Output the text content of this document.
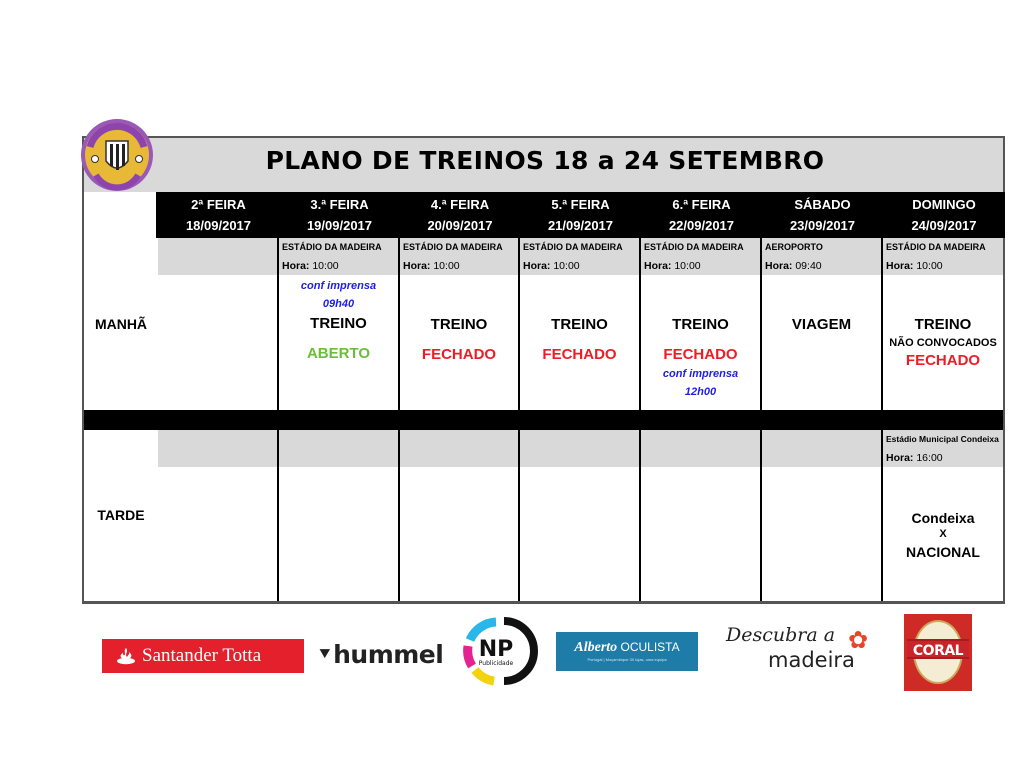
PLANO DE TREINOS 18 a 24 SETEMBRO
2ª FEIRA
18/09/2017
3.ª FEIRA
19/09/2017
4.ª FEIRA
20/09/2017
5.ª FEIRA
21/09/2017
6.ª FEIRA
22/09/2017
SÁBADO
23/09/2017
DOMINGO
24/09/2017
MANHÃ
ESTÁDIO DA MADEIRA
Hora: 10:00
conf imprensa
09h40
TREINO
ABERTO
ESTÁDIO DA MADEIRA
Hora: 10:00
TREINO
FECHADO
ESTÁDIO DA MADEIRA
Hora: 10:00
TREINO
FECHADO
ESTÁDIO DA MADEIRA
Hora: 10:00
TREINO
FECHADO
conf imprensa
12h00
AEROPORTO
Hora: 09:40
VIAGEM
ESTÁDIO DA MADEIRA
Hora: 10:00
TREINO
NÃO CONVOCADOS
FECHADO
TARDE
Estádio Municipal Condeixa
Hora: 16:00
Condeixa
X
NACIONAL
Santander Totta	⯆hummel NP
Publicidade
Alberto OCULISTA
Portugal | Moçambique 30 lojas, uma equipa
Descubra a
madeira
✿	CORAL
